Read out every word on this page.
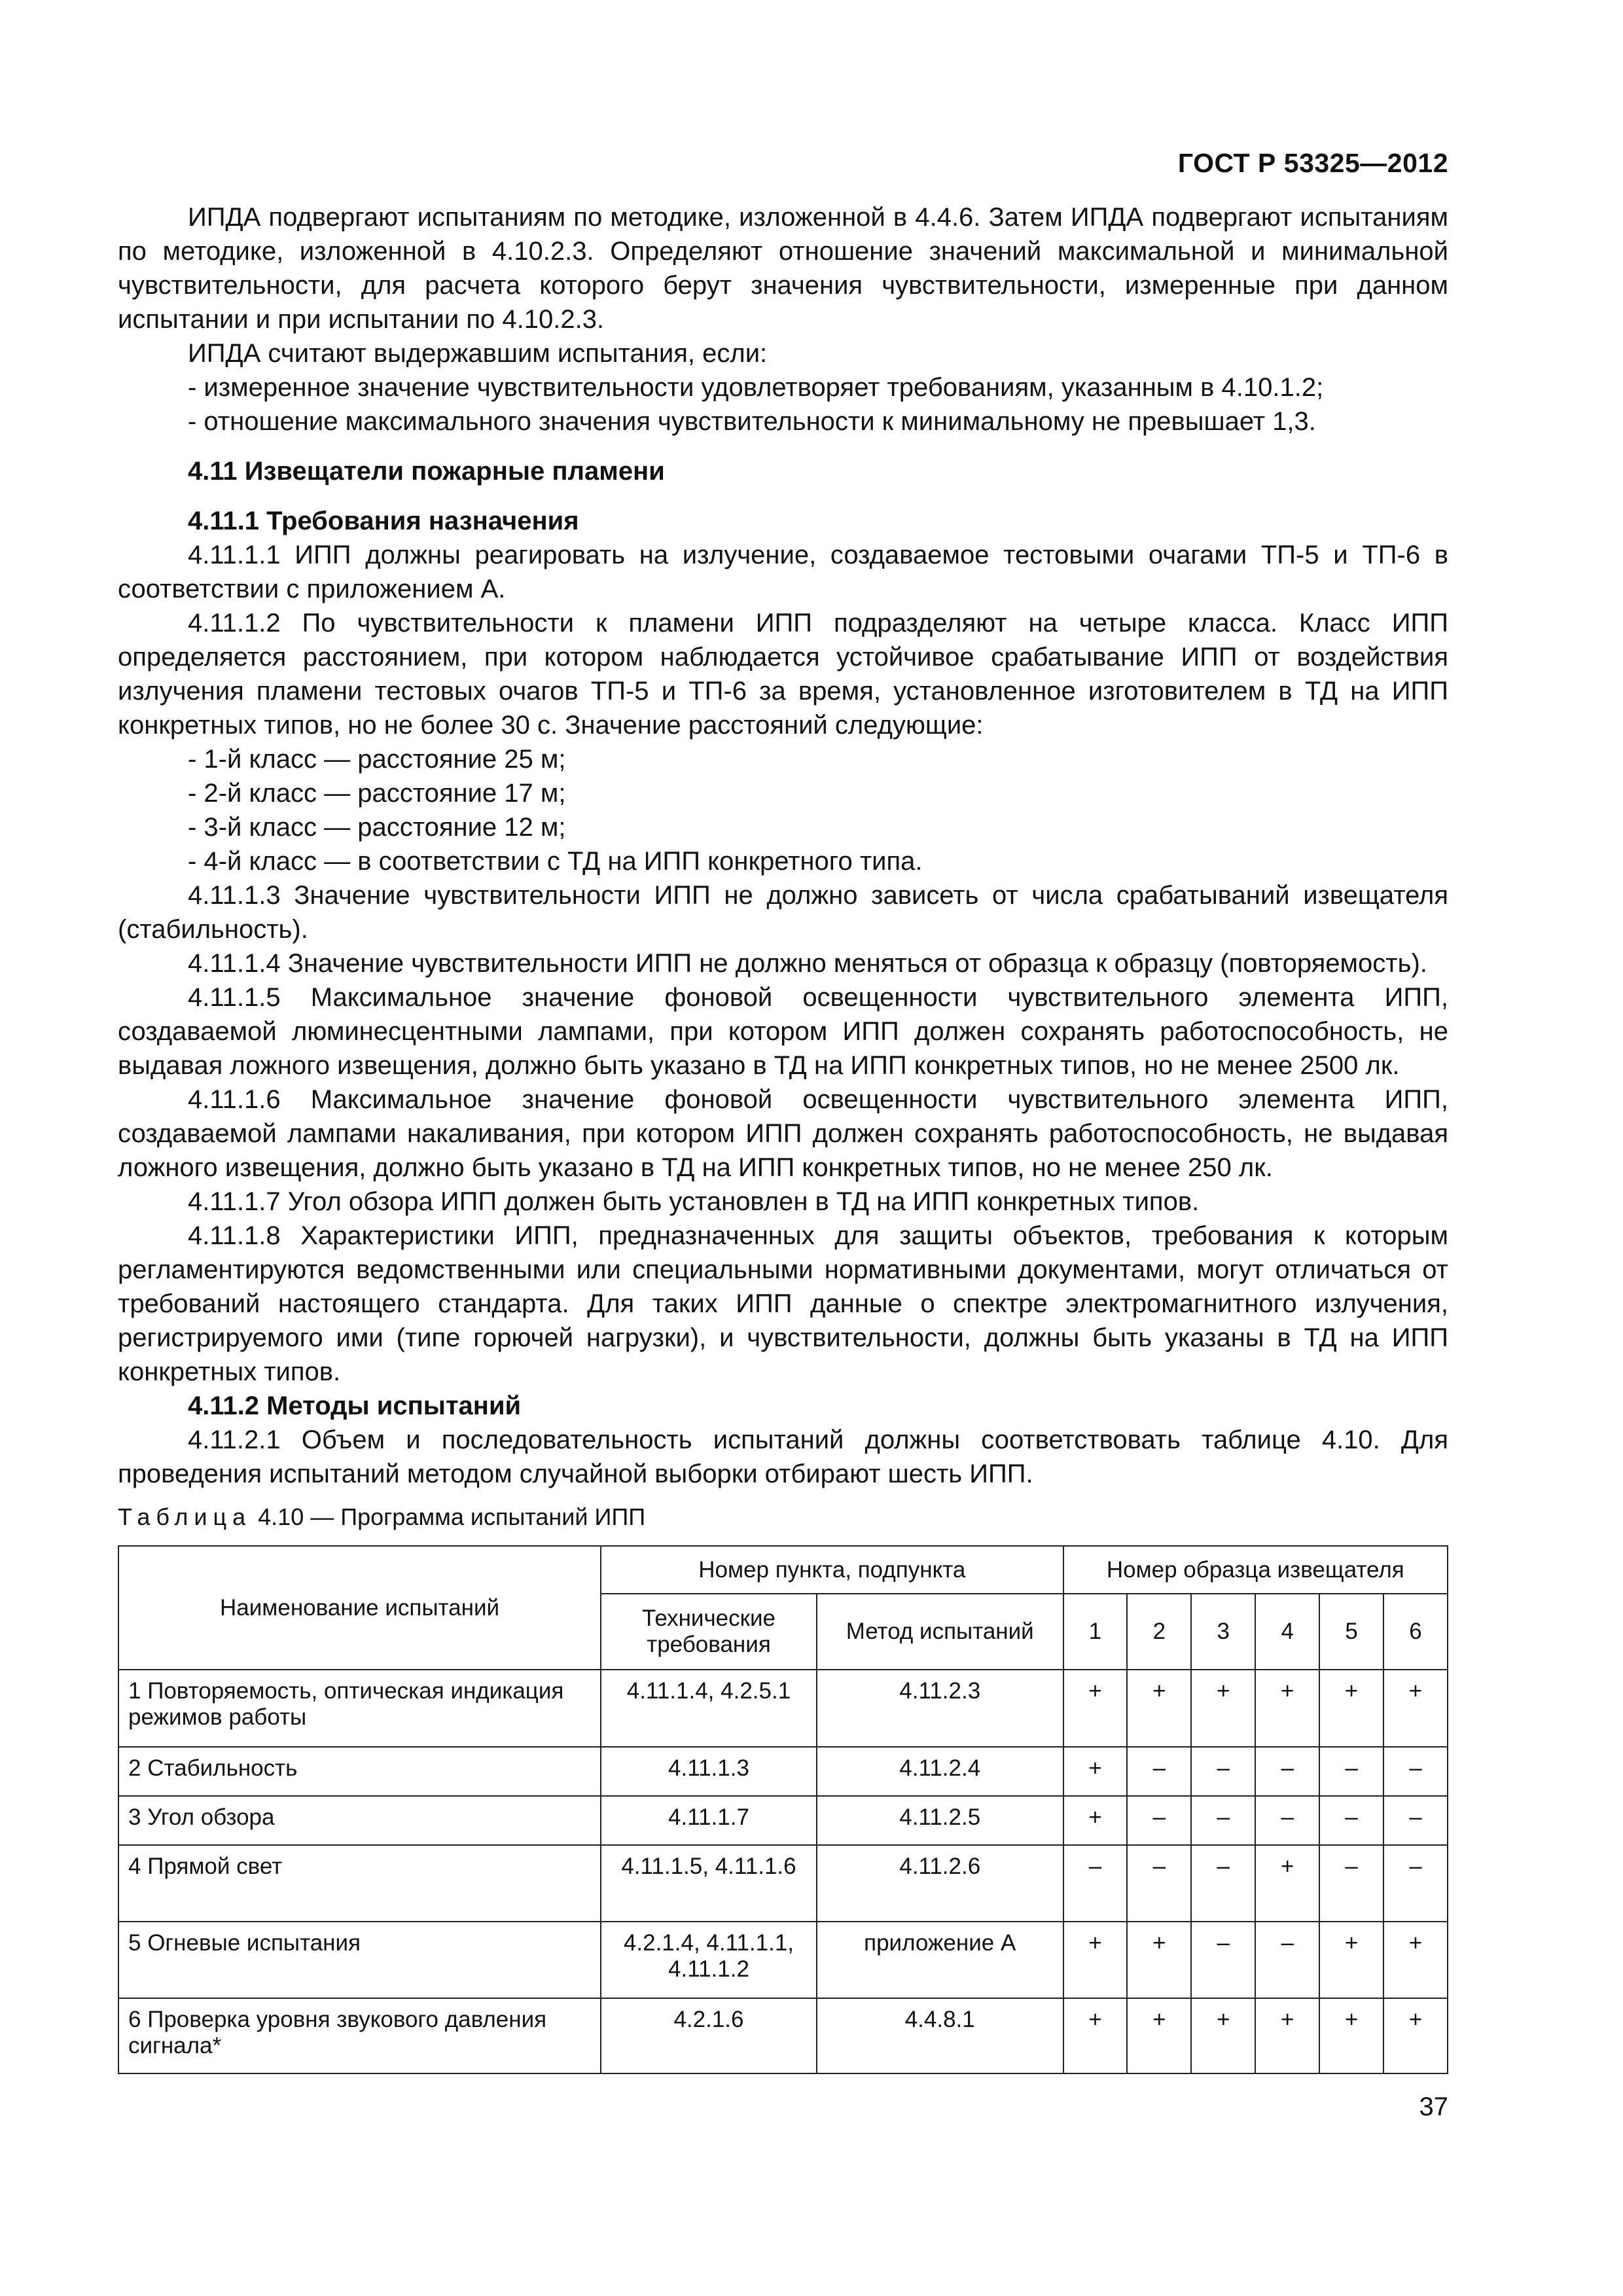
ГОСТ Р 53325—2012

ИПДА подвергают испытаниям по методике, изложенной в 4.4.6. Затем ИПДА подвергают испытаниям по методике, изложенной в 4.10.2.3. Определяют отношение значений максимальной и минимальной чувствительности, для расчета которого берут значения чувствительности, измеренные при данном испытании и при испытании по 4.10.2.3.

ИПДА считают выдержавшим испытания, если:

- измеренное значение чувствительности удовлетворяет требованиям, указанным в 4.10.1.2;

- отношение максимального значения чувствительности к минимальному не превышает 1,3.

4.11 Извещатели пожарные пламени

4.11.1 Требования назначения

4.11.1.1 ИПП должны реагировать на излучение, создаваемое тестовыми очагами ТП-5 и ТП-6 в соответствии с приложением А.

4.11.1.2 По чувствительности к пламени ИПП подразделяют на четыре класса. Класс ИПП определяется расстоянием, при котором наблюдается устойчивое срабатывание ИПП от воздействия излучения пламени тестовых очагов ТП-5 и ТП-6 за время, установленное изготовителем в ТД на ИПП конкретных типов, но не более 30 с. Значение расстояний следующие:

- 1-й класс — расстояние 25 м;

- 2-й класс — расстояние 17 м;

- 3-й класс — расстояние 12 м;

- 4-й класс — в соответствии с ТД на ИПП конкретного типа.

4.11.1.3 Значение чувствительности ИПП не должно зависеть от числа срабатываний извещателя (стабильность).

4.11.1.4 Значение чувствительности ИПП не должно меняться от образца к образцу (повторяемость).

4.11.1.5 Максимальное значение фоновой освещенности чувствительного элемента ИПП, создаваемой люминесцентными лампами, при котором ИПП должен сохранять работоспособность, не выдавая ложного извещения, должно быть указано в ТД на ИПП конкретных типов, но не менее 2500 лк.

4.11.1.6 Максимальное значение фоновой освещенности чувствительного элемента ИПП, создаваемой лампами накаливания, при котором ИПП должен сохранять работоспособность, не выдавая ложного извещения, должно быть указано в ТД на ИПП конкретных типов, но не менее 250 лк.

4.11.1.7 Угол обзора ИПП должен быть установлен в ТД на ИПП конкретных типов.

4.11.1.8 Характеристики ИПП, предназначенных для защиты объектов, требования к которым регламентируются ведомственными или специальными нормативными документами, могут отличаться от требований настоящего стандарта. Для таких ИПП данные о спектре электромагнитного излучения, регистрируемого ими (типе горючей нагрузки), и чувствительности, должны быть указаны в ТД на ИПП конкретных типов.

4.11.2 Методы испытаний

4.11.2.1 Объем и последовательность испытаний должны соответствовать таблице 4.10. Для проведения испытаний методом случайной выборки отбирают шесть ИПП.

Таблица 4.10 — Программа испытаний ИПП
Наименование испытаний	Номер пункта, подпункта		Номер образца извещателя					
	Технические требования	Метод испытаний	1	2	3	4	5	6
1 Повторяемость, оптическая индикация режимов работы	4.11.1.4, 4.2.5.1	4.11.2.3	+	+	+	+	+	+
2 Стабильность	4.11.1.3	4.11.2.4	+	–	–	–	–	–
3 Угол обзора	4.11.1.7	4.11.2.5	+	–	–	–	–	–
4 Прямой свет	4.11.1.5, 4.11.1.6	4.11.2.6	–	–	–	+	–	–
5 Огневые испытания	4.2.1.4, 4.11.1.1, 4.11.1.2	приложение А	+	+	–	–	+	+
6 Проверка уровня звукового давления сигнала*	4.2.1.6	4.4.8.1	+	+	+	+	+	+
37
